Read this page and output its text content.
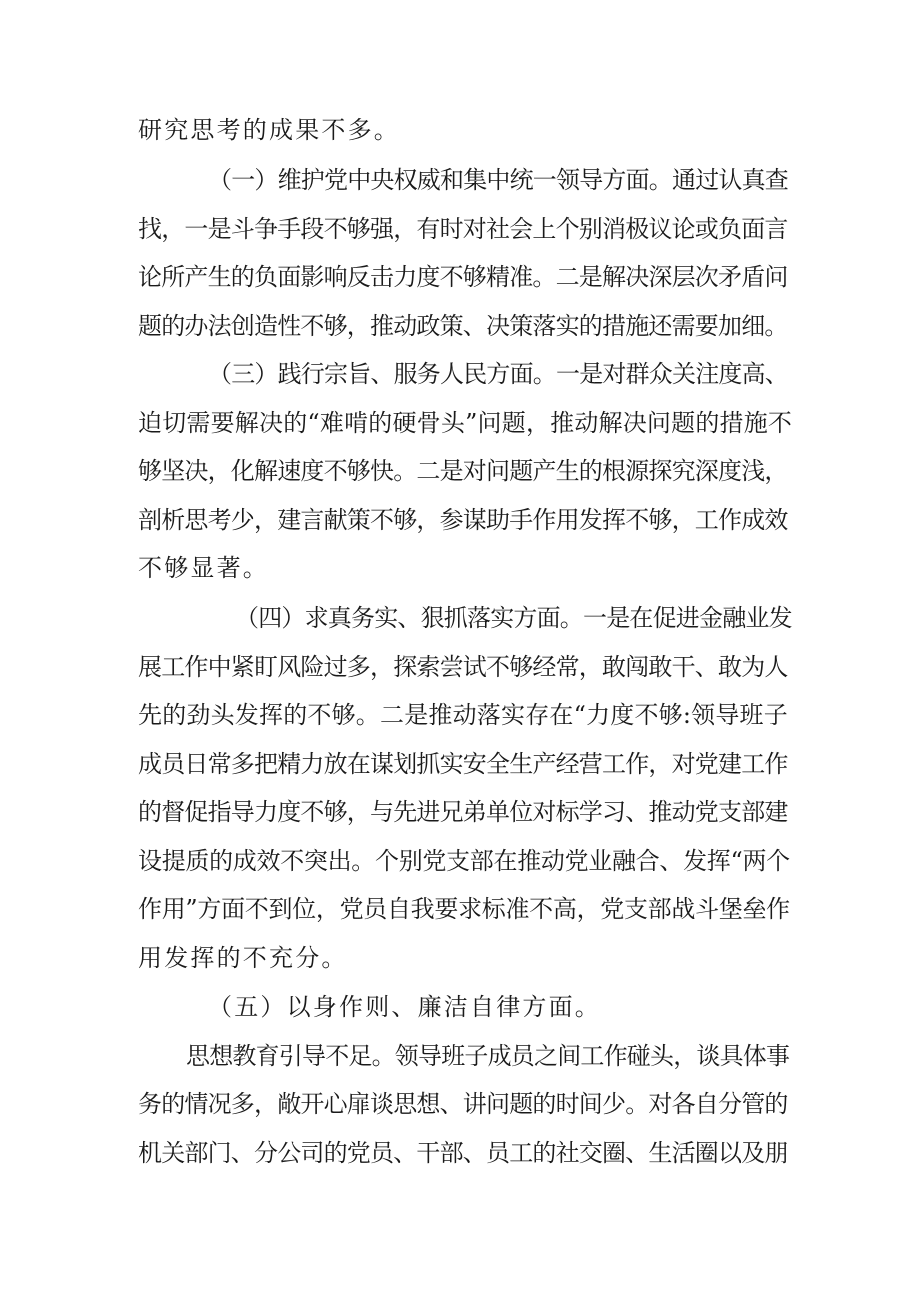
研究思考的成果不多。

（一）维护党中央权威和集中统一领导方面。通过认真查

找，一是斗争手段不够强，有时对社会上个别消极议论或负面言

论所产生的负面影响反击力度不够精准。二是解决深层次矛盾问

题的办法创造性不够，推动政策、决策落实的措施还需要加细。

（三）践行宗旨、服务人民方面。一是对群众关注度高、

迫切需要解决的“难啃的硬骨头”问题，推动解决问题的措施不

够坚决，化解速度不够快。二是对问题产生的根源探究深度浅，

剖析思考少，建言献策不够，参谋助手作用发挥不够，工作成效

不够显著。

（四）求真务实、狠抓落实方面。一是在促进金融业发

展工作中紧盯风险过多，探索尝试不够经常，敢闯敢干、敢为人

先的劲头发挥的不够。二是推动落实存在“力度不够:领导班子

成员日常多把精力放在谋划抓实安全生产经营工作，对党建工作

的督促指导力度不够，与先进兄弟单位对标学习、推动党支部建

设提质的成效不突出。个别党支部在推动党业融合、发挥“两个

作用”方面不到位，党员自我要求标准不高，党支部战斗堡垒作

用发挥的不充分。

（五）以身作则、廉洁自律方面。

思想教育引导不足。领导班子成员之间工作碰头，谈具体事

务的情况多，敞开心扉谈思想、讲问题的时间少。对各自分管的

机关部门、分公司的党员、干部、员工的社交圈、生活圈以及朋
